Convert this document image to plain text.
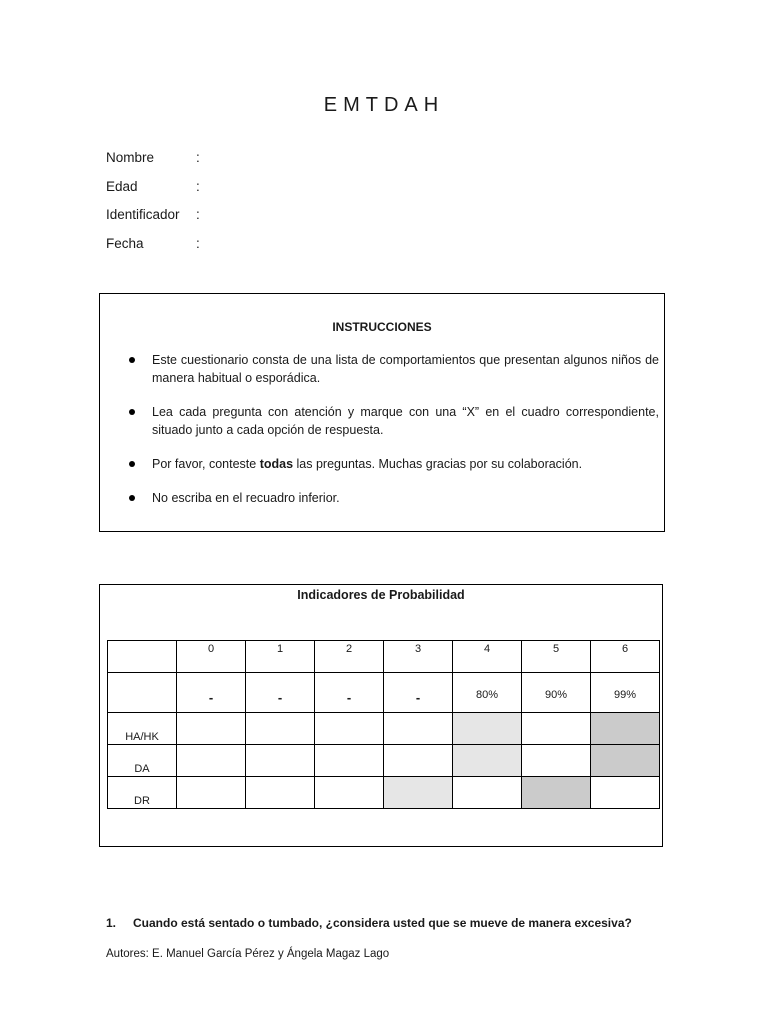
EMTDAH
Nombre	:
Edad	:
Identificador	:
Fecha	:
INSTRUCCIONES
Este cuestionario consta de una lista de comportamientos que presentan algunos niños de manera habitual o esporádica.
Lea cada pregunta con atención y marque con una “X” en el cuadro correspondiente, situado junto a cada opción de respuesta.
Por favor, conteste todas las preguntas. Muchas gracias por su colaboración.
No escriba en el recuadro inferior.
Indicadores de Probabilidad
	0	1	2	3	4	5	6
	-	-	-	-	80%	90%	99%
HA/HK							
DA							
DR							
1. Cuando está sentado o tumbado, ¿considera usted que se mueve de manera excesiva?
Autores: E. Manuel García Pérez y Ángela Magaz Lago
